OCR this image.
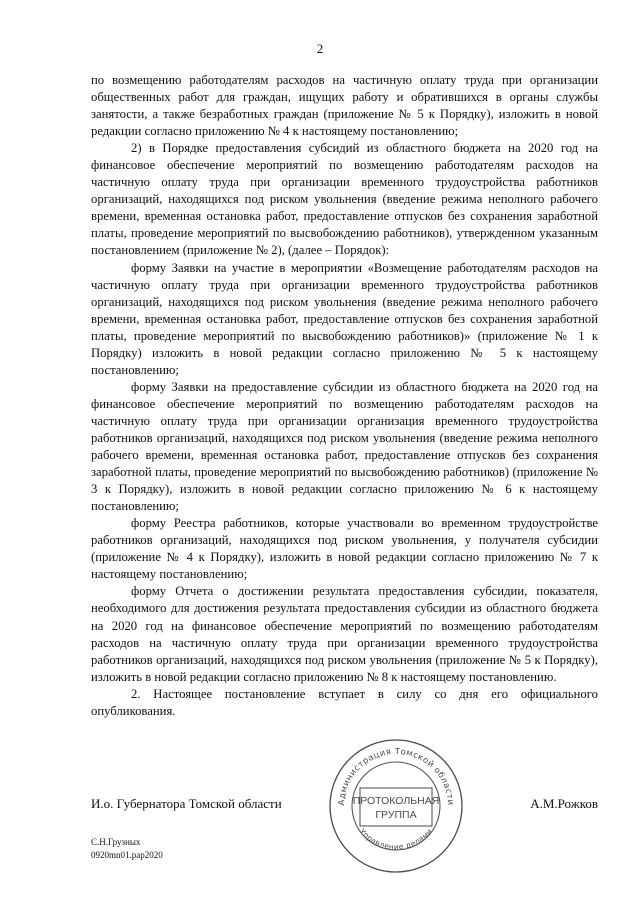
2

по возмещению работодателям расходов на частичную оплату труда при организации общественных работ для граждан, ищущих работу и обратившихся в органы службы занятости, а также безработных граждан (приложение № 5 к Порядку), изложить в новой редакции согласно приложению № 4 к настоящему постановлению;

2) в Порядке предоставления субсидий из областного бюджета на 2020 год на финансовое обеспечение мероприятий по возмещению работодателям расходов на частичную оплату труда при организации временного трудоустройства работников организаций, находящихся под риском увольнения (введение режима неполного рабочего времени, временная остановка работ, предоставление отпусков без сохранения заработной платы, проведение мероприятий по высвобождению работников), утвержденном указанным постановлением (приложение № 2), (далее – Порядок):

форму Заявки на участие в мероприятии «Возмещение работодателям расходов на частичную оплату труда при организации временного трудоустройства работников организаций, находящихся под риском увольнения (введение режима неполного рабочего времени, временная остановка работ, предоставление отпусков без сохранения заработной платы, проведение мероприятий по высвобождению работников)» (приложение № 1 к Порядку) изложить в новой редакции согласно приложению № 5 к настоящему постановлению;

форму Заявки на предоставление субсидии из областного бюджета на 2020 год на финансовое обеспечение мероприятий по возмещению работодателям расходов на частичную оплату труда при организации организация временного трудоустройства работников организаций, находящихся под риском увольнения (введение режима неполного рабочего времени, временная остановка работ, предоставление отпусков без сохранения заработной платы, проведение мероприятий по высвобождению работников) (приложение № 3 к Порядку), изложить в новой редакции согласно приложению № 6 к настоящему постановлению;

форму Реестра работников, которые участвовали во временном трудоустройстве работников организаций, находящихся под риском увольнения, у получателя субсидии (приложение № 4 к Порядку), изложить в новой редакции согласно приложению № 7 к настоящему постановлению;

форму Отчета о достижении результата предоставления субсидии, показателя, необходимого для достижения результата предоставления субсидии из областного бюджета на 2020 год на финансовое обеспечение мероприятий по возмещению работодателям расходов на частичную оплату труда при организации временного трудоустройства работников организаций, находящихся под риском увольнения (приложение № 5 к Порядку), изложить в новой редакции согласно приложению № 8 к настоящему постановлению.

2. Настоящее постановление вступает в силу со дня его официального опубликования.

И.о. Губернатора Томской области	А.М.Рожков
Администрация Томской области
Управление делами
ПРОТОКОЛЬНАЯ
ГРУППА
С.Н.Грузных
0920mn01.pap2020
